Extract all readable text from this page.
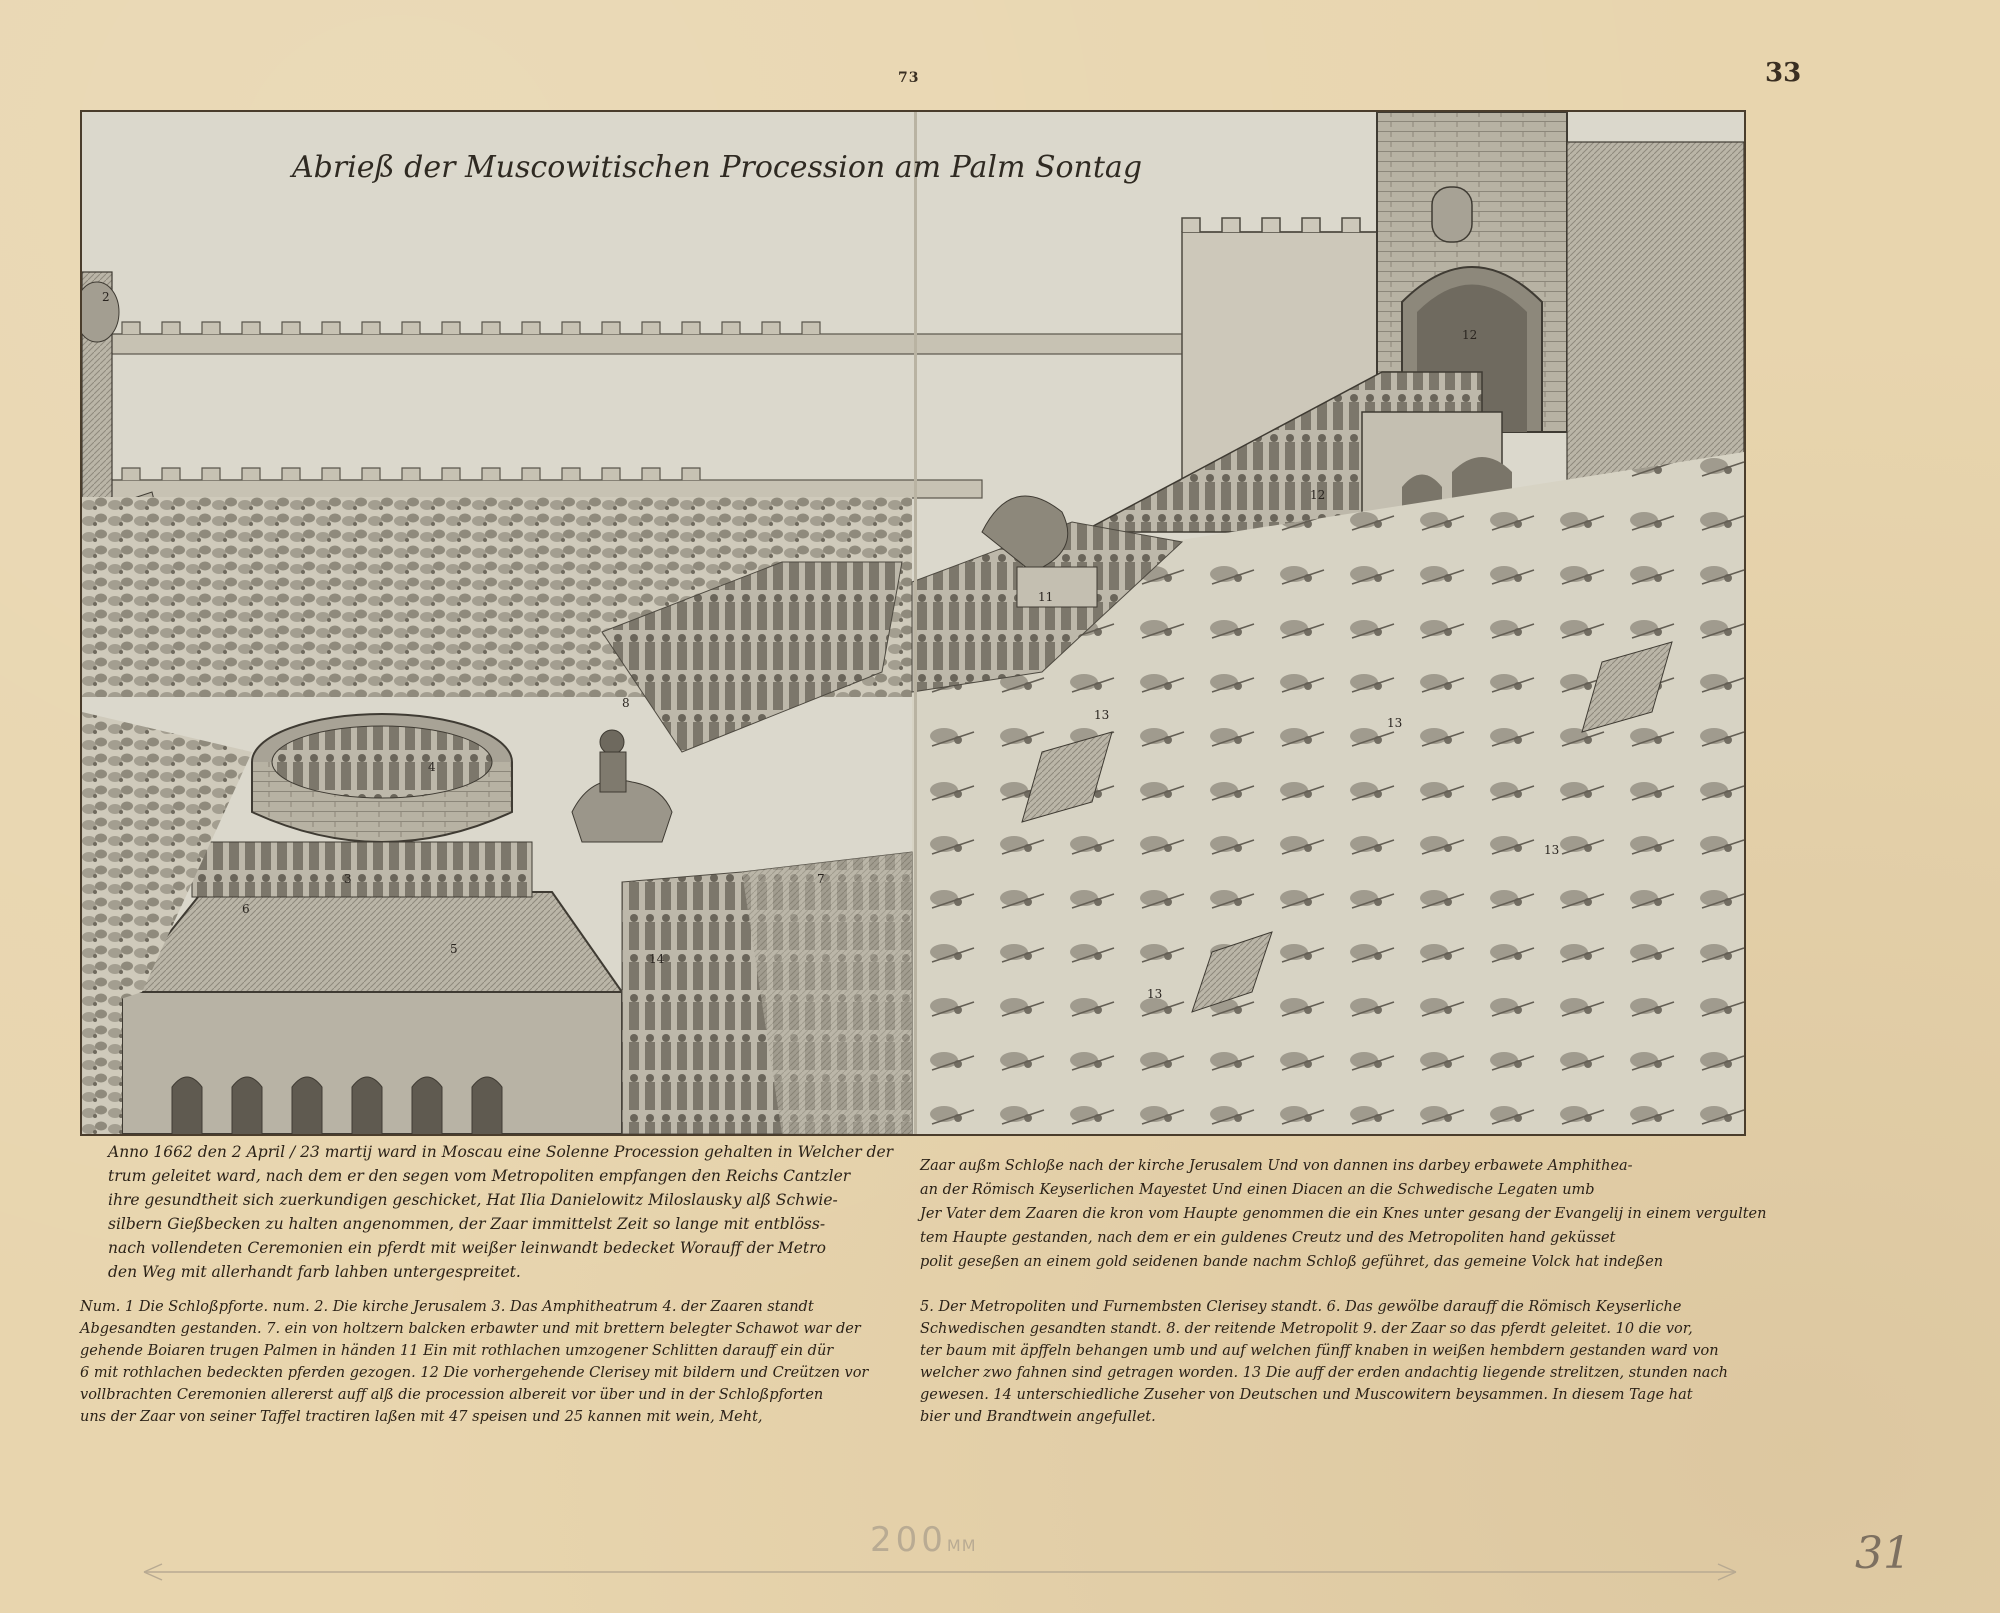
73	33
Abrieß der Muscowitischen Procession am Palm Sontag
2
4
3
5
6
7
8
11
12
12
13
13
13
13
14
Anno 1662 den 2 April / 23 martij ward in Moscau eine Solenne Procession gehalten in Welcher der
trum geleitet ward, nach dem er den segen vom Metropoliten empfangen den Reichs Cantzler
ihre gesundtheit sich zuerkundigen geschicket, Hat Ilia Danielowitz Miloslausky alß Schwie-
silbern Gießbecken zu halten angenommen, der Zaar immittelst Zeit so lange mit entblöss-
nach vollendeten Ceremonien ein pferdt mit weißer leinwandt bedecket Worauff der Metro
den Weg mit allerhandt farb lahben untergespreitet.
Zaar außm Schloße nach der kirche Jerusalem Und von dannen ins darbey erbawete Amphithea-
an der Römisch Keyserlichen Mayestet Und einen Diacen an die Schwedische Legaten umb
Jer Vater dem Zaaren die kron vom Haupte genommen die ein Knes unter gesang der Evangelij in einem vergulten
tem Haupte gestanden, nach dem er ein guldenes Creutz und des Metropoliten hand geküsset
polit geseßen an einem gold seidenen bande nachm Schloß geführet, das gemeine Volck hat indeßen
Num. 1 Die Schloßpforte. num. 2. Die kirche Jerusalem 3. Das Amphitheatrum 4. der Zaaren standt
Abgesandten gestanden. 7. ein von holtzern balcken erbawter und mit brettern belegter Schawot war der
gehende Boiaren trugen Palmen in händen 11 Ein mit rothlachen umzogener Schlitten darauff ein dür
6 mit rothlachen bedeckten pferden gezogen. 12 Die vorhergehende Clerisey mit bildern und Creützen vor
vollbrachten Ceremonien allererst auff alß die procession albereit vor über und in der Schloßpforten
uns der Zaar von seiner Taffel tractiren laßen mit 47 speisen und 25 kannen mit wein, Meht,
5. Der Metropoliten und Furnembsten Clerisey standt. 6. Das gewölbe darauff die Römisch Keyserliche
Schwedischen gesandten standt. 8. der reitende Metropolit 9. der Zaar so das pferdt geleitet. 10 die vor,
ter baum mit äpffeln behangen umb und auf welchen fünff knaben in weißen hembdern gestanden ward von
welcher zwo fahnen sind getragen worden. 13 Die auff der erden andachtig liegende strelitzen, stunden nach
gewesen. 14 unterschiedliche Zuseher von Deutschen und Muscowitern beysammen. In diesem Tage hat
bier und Brandtwein angefullet.
200MM	31
